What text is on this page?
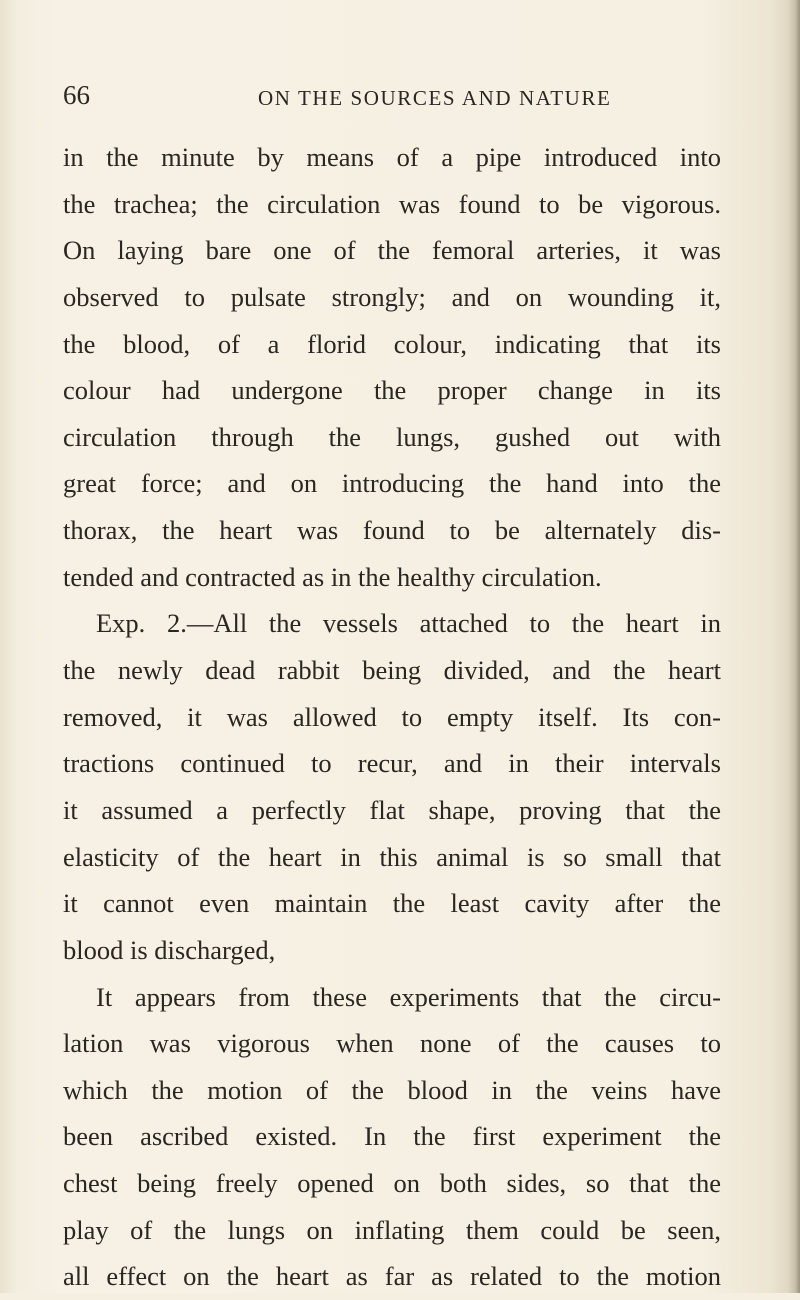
66	ON THE SOURCES AND NATURE
in the minute by means of a pipe introduced into
the trachea; the circulation was found to be vigorous.
On laying bare one of the femoral arteries, it was
observed to pulsate strongly; and on wounding it,
the blood, of a florid colour, indicating that its
colour had undergone the proper change in its
circulation through the lungs, gushed out with
great force; and on introducing the hand into the
thorax, the heart was found to be alternately dis-
tended and contracted as in the healthy circulation.
Exp. 2.—All the vessels attached to the heart in
the newly dead rabbit being divided, and the heart
removed, it was allowed to empty itself. Its con-
tractions continued to recur, and in their intervals
it assumed a perfectly flat shape, proving that the
elasticity of the heart in this animal is so small that
it cannot even maintain the least cavity after the
blood is discharged,
It appears from these experiments that the circu-
lation was vigorous when none of the causes to
which the motion of the blood in the veins have
been ascribed existed. In the first experiment the
chest being freely opened on both sides, so that the
play of the lungs on inflating them could be seen,
all effect on the heart as far as related to the motion
